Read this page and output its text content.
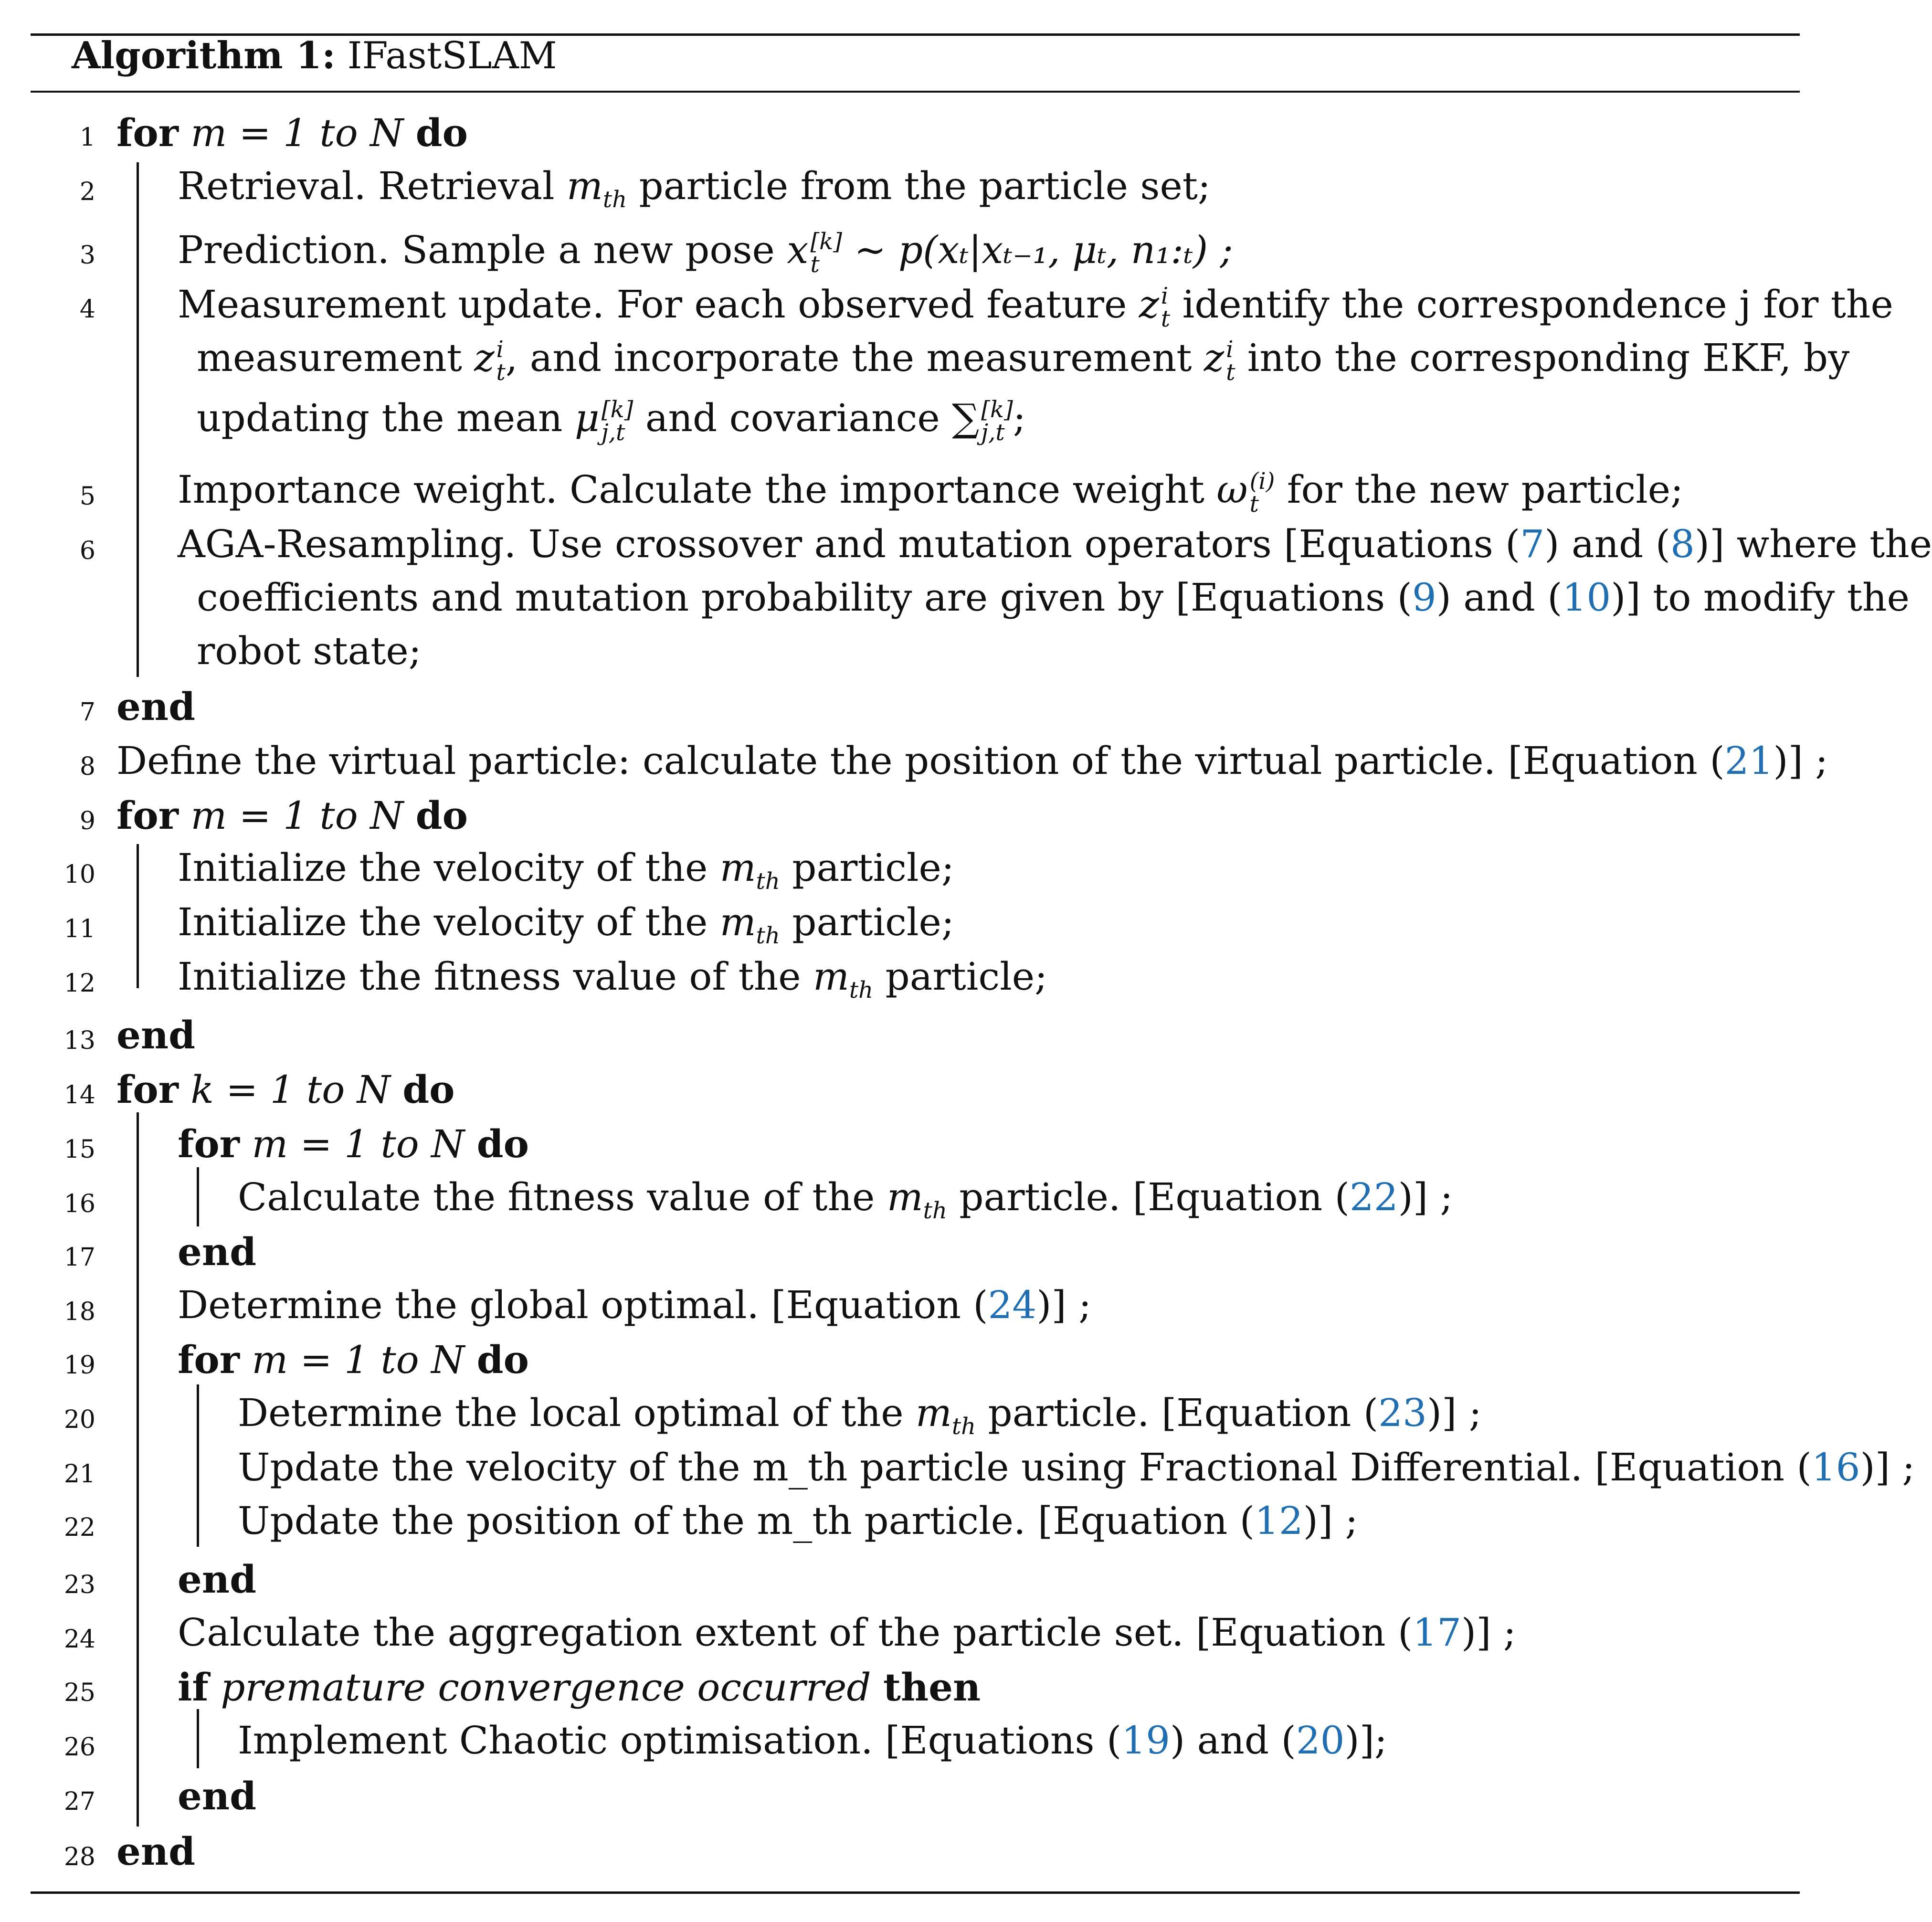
Algorithm 1: IFastSLAM
1 for m = 1 to N do
2 Retrieval. Retrieval $m_{th}$ particle from the particle set;
3 Prediction. Sample a new pose x [k]
t ∼ p(xₜ|xₜ₋₁, μₜ, n₁:ₜ) ;
4 Measurement update. For each observed feature z i
t identify the correspondence j for the
measurement z i
t , and incorporate the measurement z i
t into the corresponding EKF, by
updating the mean μ [k]
j,t and covariance ∑ [k]
j,t ;
5 Importance weight. Calculate the importance weight ω (i)
t for the new particle;
6 AGA-Resampling. Use crossover and mutation operators [Equations (7) and (8)] where the
coefficients and mutation probability are given by [Equations (9) and (10)] to modify the
robot state;
7 end
8 Define the virtual particle: calculate the position of the virtual particle. [Equation (21)] ;
9 for m = 1 to N do
10 Initialize the velocity of the $m_{th}$ particle;
11 Initialize the velocity of the $m_{th}$ particle;
12 Initialize the fitness value of the $m_{th}$ particle;
13 end
14 for k = 1 to N do
15 for m = 1 to N do
16	Calculate the fitness value of the $m_{th}$ particle. [Equation (22)] ;
17 end
18 Determine the global optimal. [Equation (24)] ;
19 for m = 1 to N do
20	Determine the local optimal of the $m_{th}$ particle. [Equation (23)] ;
21	Update the velocity of the m_th particle using Fractional Differential. [Equation (16)] ;
22	Update the position of the m_th particle. [Equation (12)] ;
23 end
24 Calculate the aggregation extent of the particle set. [Equation (17)] ;
25 if premature convergence occurred then
26	Implement Chaotic optimisation. [Equations (19) and (20)];
27 end
28 end
